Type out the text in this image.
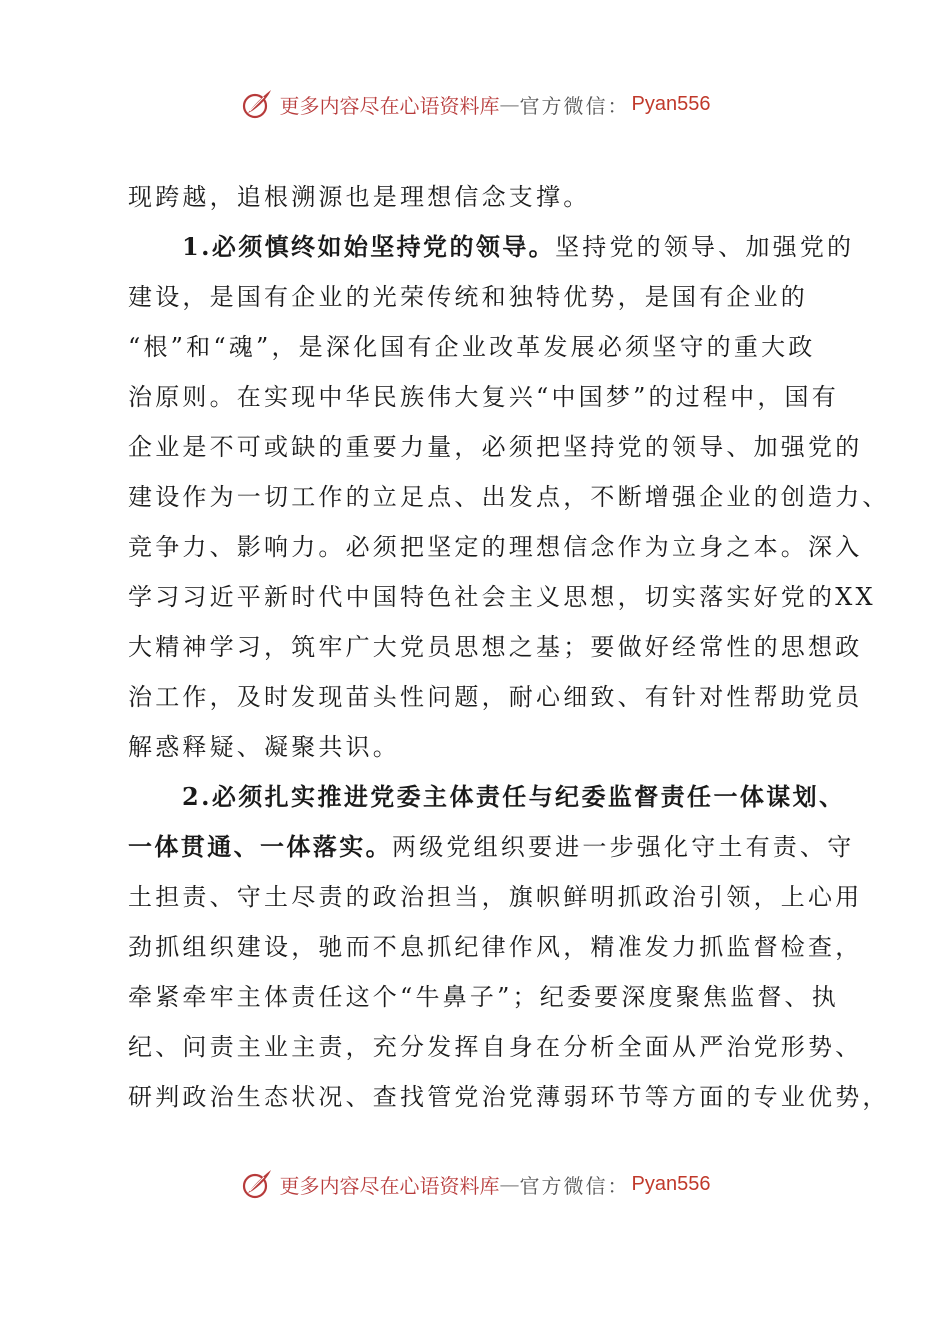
更多内容尽在心语资料库 — 官方微信： Pyan556
现跨越，追根溯源也是理想信念支撑。
1.必须慎终如始坚持党的领导。坚持党的领导、加强党的
建设，是国有企业的光荣传统和独特优势，是国有企业的
“根”和“魂”，是深化国有企业改革发展必须坚守的重大政
治原则。在实现中华民族伟大复兴“中国梦”的过程中，国有
企业是不可或缺的重要力量，必须把坚持党的领导、加强党的
建设作为一切工作的立足点、出发点，不断增强企业的创造力、
竞争力、影响力。必须把坚定的理想信念作为立身之本。深入
学习习近平新时代中国特色社会主义思想，切实落实好党的XX
大精神学习，筑牢广大党员思想之基；要做好经常性的思想政
治工作，及时发现苗头性问题，耐心细致、有针对性帮助党员
解惑释疑、凝聚共识。
2.必须扎实推进党委主体责任与纪委监督责任一体谋划、
一体贯通、一体落实。两级党组织要进一步强化守土有责、守
土担责、守土尽责的政治担当，旗帜鲜明抓政治引领，上心用
劲抓组织建设，驰而不息抓纪律作风，精准发力抓监督检查，
牵紧牵牢主体责任这个“牛鼻子”；纪委要深度聚焦监督、执
纪、问责主业主责，充分发挥自身在分析全面从严治党形势、
研判政治生态状况、查找管党治党薄弱环节等方面的专业优势，
更多内容尽在心语资料库 — 官方微信： Pyan556
